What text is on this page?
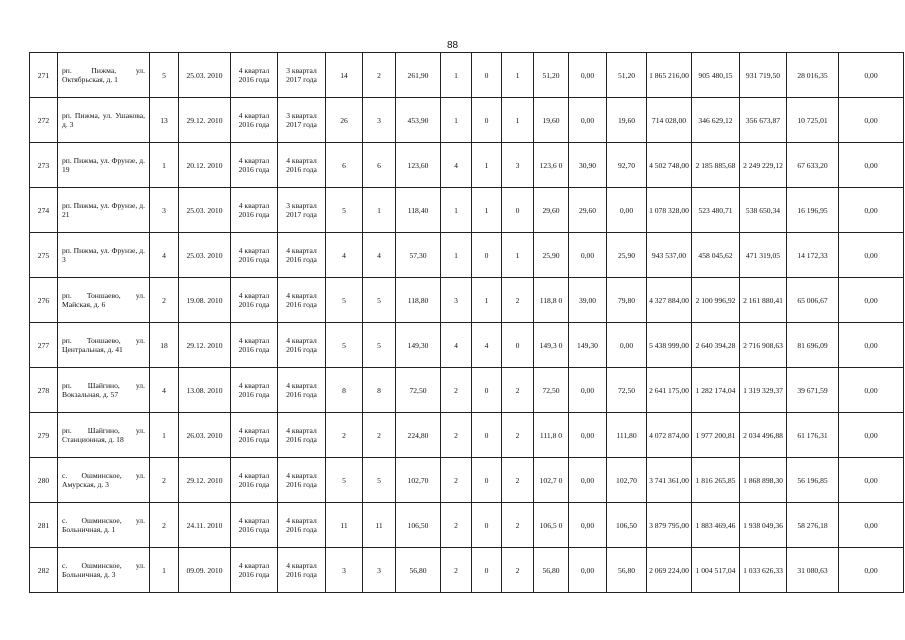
88
271	рп. Пижма, ул. Октябрьская, д. 1	5	25.03. 2010	4 квартал 2016 года	3 квартал 2017 года	14	2	261,90	1	0	1	51,20	0,00	51,20	1 865 216,00	905 480,15	931 719,50	28 016,35	0,00
272	рп. Пижма, ул. Ушакова, д. 3	13	29.12. 2010	4 квартал 2016 года	3 квартал 2017 года	26	3	453,90	1	0	1	19,60	0,00	19,60	714 028,00	346 629,12	356 673,87	10 725,01	0,00
273	рп. Пижма, ул. Фрунзе, д. 19	1	20.12. 2010	4 квартал 2016 года	4 квартал 2016 года	6	6	123,60	4	1	3	123,6 0	30,90	92,70	4 502 748,00	2 185 885,68	2 249 229,12	67 633,20	0,00
274	рп. Пижма, ул. Фрунзе, д. 21	3	25.03. 2010	4 квартал 2016 года	3 квартал 2017 года	5	1	118,40	1	1	0	29,60	29,60	0,00	1 078 328,00	523 480,71	538 650,34	16 196,95	0,00
275	рп. Пижма, ул. Фрунзе, д. 3	4	25.03. 2010	4 квартал 2016 года	4 квартал 2016 года	4	4	57,30	1	0	1	25,90	0,00	25,90	943 537,00	458 045,62	471 319,05	14 172,33	0,00
276	рп. Тоншаево, ул. Майская, д. 6	2	19.08. 2010	4 квартал 2016 года	4 квартал 2016 года	5	5	118,80	3	1	2	118,8 0	39,00	79,80	4 327 884,00	2 100 996,92	2 161 880,41	65 006,67	0,00
277	рп. Тоншаево, ул. Центральная, д. 41	18	29.12. 2010	4 квартал 2016 года	4 квартал 2016 года	5	5	149,30	4	4	0	149,3 0	149,30	0,00	5 438 999,00	2 640 394,28	2 716 908,63	81 696,09	0,00
278	рп. Шайгино, ул. Вокзальная, д. 57	4	13.08. 2010	4 квартал 2016 года	4 квартал 2016 года	8	8	72,50	2	0	2	72,50	0,00	72,50	2 641 175,00	1 282 174,04	1 319 329,37	39 671,59	0,00
279	рп. Шайгино, ул. Станционная, д. 18	1	26.03. 2010	4 квартал 2016 года	4 квартал 2016 года	2	2	224,80	2	0	2	111,8 0	0,00	111,80	4 072 874,00	1 977 200,81	2 034 496,88	61 176,31	0,00
280	с. Ошминское, ул. Амурская, д. 3	2	29.12. 2010	4 квартал 2016 года	4 квартал 2016 года	5	5	102,70	2	0	2	102,7 0	0,00	102,70	3 741 361,00	1 816 265,85	1 868 898,30	56 196,85	0,00
281	с. Ошминское, ул. Больничная, д. 1	2	24.11. 2010	4 квартал 2016 года	4 квартал 2016 года	11	11	106,50	2	0	2	106,5 0	0,00	106,50	3 879 795,00	1 883 469,46	1 938 049,36	58 276,18	0,00
282	с. Ошминское, ул. Больничная, д. 3	1	09.09. 2010	4 квартал 2016 года	4 квартал 2016 года	3	3	56,80	2	0	2	56,80	0,00	56,80	2 069 224,00	1 004 517,04	1 033 626,33	31 080,63	0,00
